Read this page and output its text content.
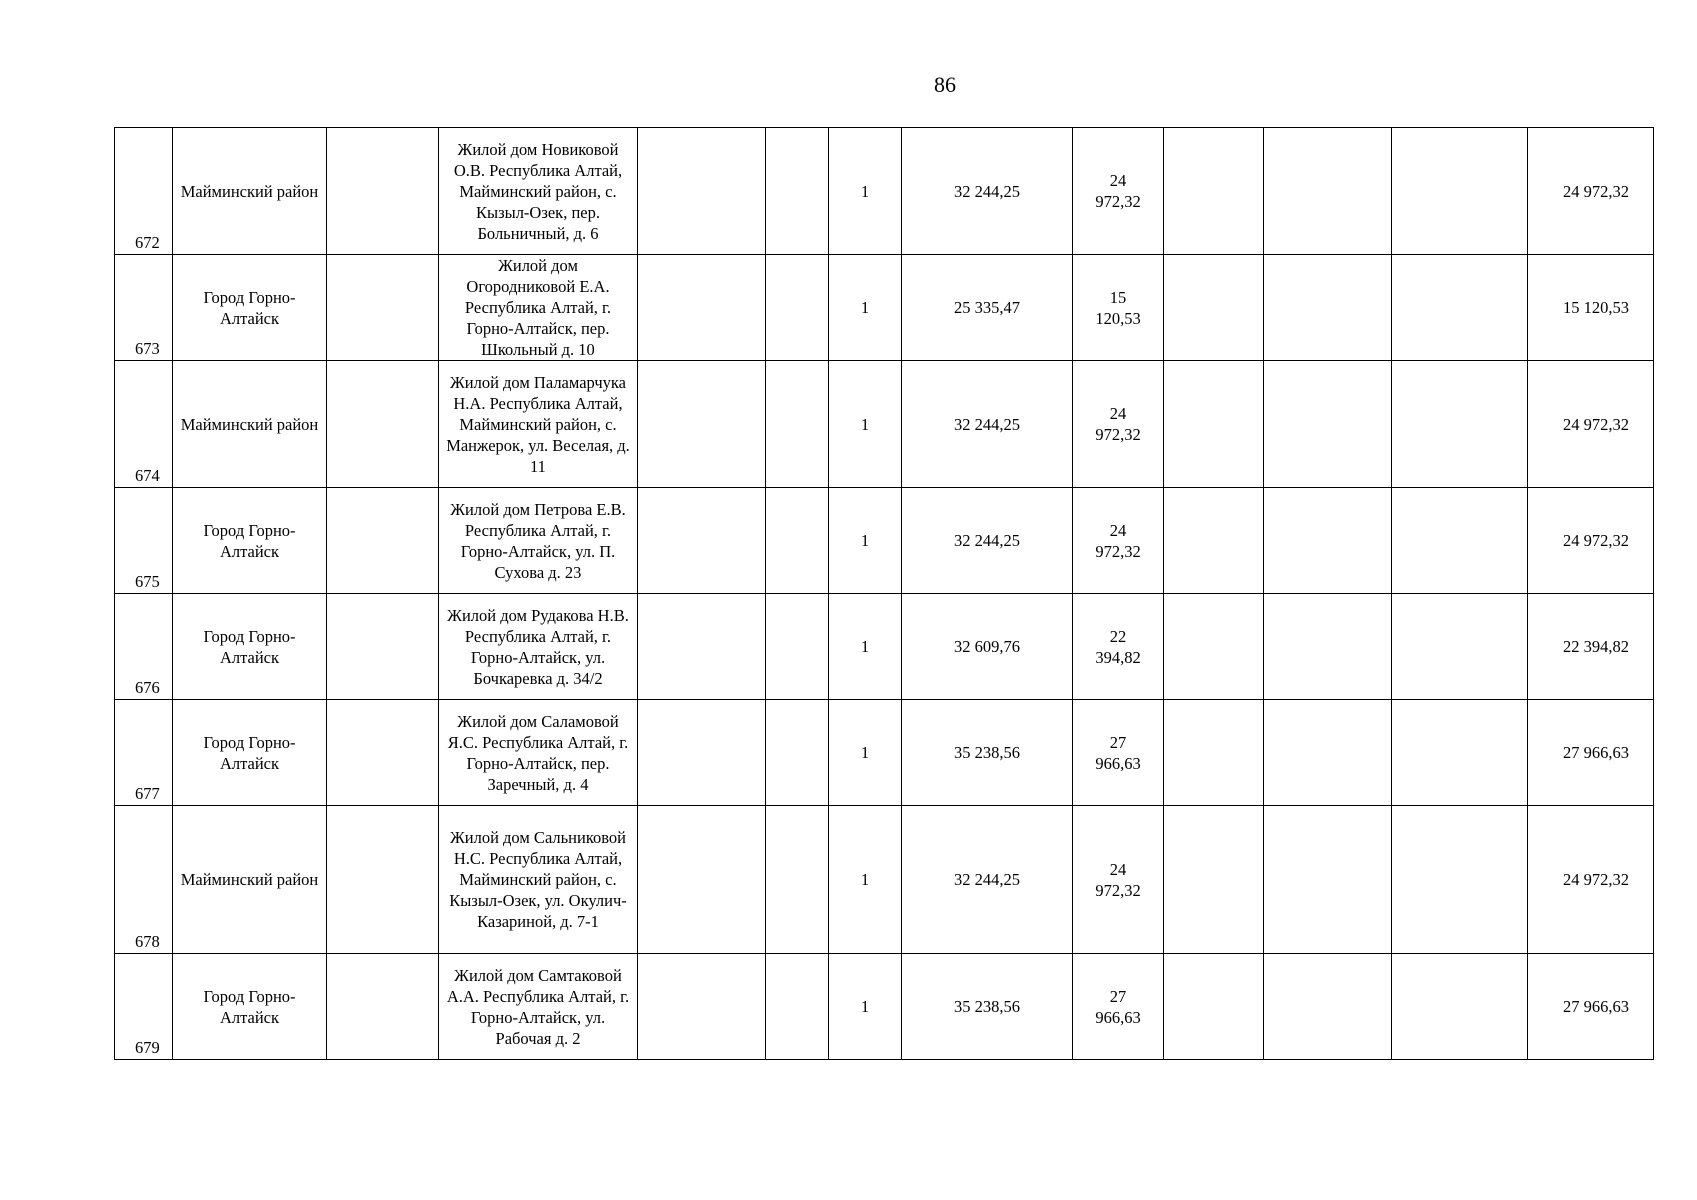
86
672	Майминский район		Жилой дом Новиковой О.В. Республика Алтай, Майминский район, с. Кызыл-Озек, пер. Больничный, д. 6			1	32 244,25	24 972,32				24 972,32
673	Город Горно-Алтайск		Жилой дом Огородниковой Е.А. Республика Алтай, г. Горно-Алтайск, пер. Школьный д. 10			1	25 335,47	15 120,53				15 120,53
674	Майминский район		Жилой дом Паламарчука Н.А. Республика Алтай, Майминский район, с. Манжерок, ул. Веселая, д. 11			1	32 244,25	24 972,32				24 972,32
675	Город Горно-Алтайск		Жилой дом Петрова Е.В. Республика Алтай, г. Горно-Алтайск, ул. П. Сухова д. 23			1	32 244,25	24 972,32				24 972,32
676	Город Горно-Алтайск		Жилой дом Рудакова Н.В. Республика Алтай, г. Горно-Алтайск, ул. Бочкаревка д. 34/2			1	32 609,76	22 394,82				22 394,82
677	Город Горно-Алтайск		Жилой дом Саламовой Я.С. Республика Алтай, г. Горно-Алтайск, пер. Заречный, д. 4			1	35 238,56	27 966,63				27 966,63
678	Майминский район		Жилой дом Сальниковой Н.С. Республика Алтай, Майминский район, с. Кызыл-Озек, ул. Окулич-Казариной, д. 7-1			1	32 244,25	24 972,32				24 972,32
679	Город Горно-Алтайск		Жилой дом Самтаковой А.А. Республика Алтай, г. Горно-Алтайск, ул. Рабочая д. 2			1	35 238,56	27 966,63				27 966,63
